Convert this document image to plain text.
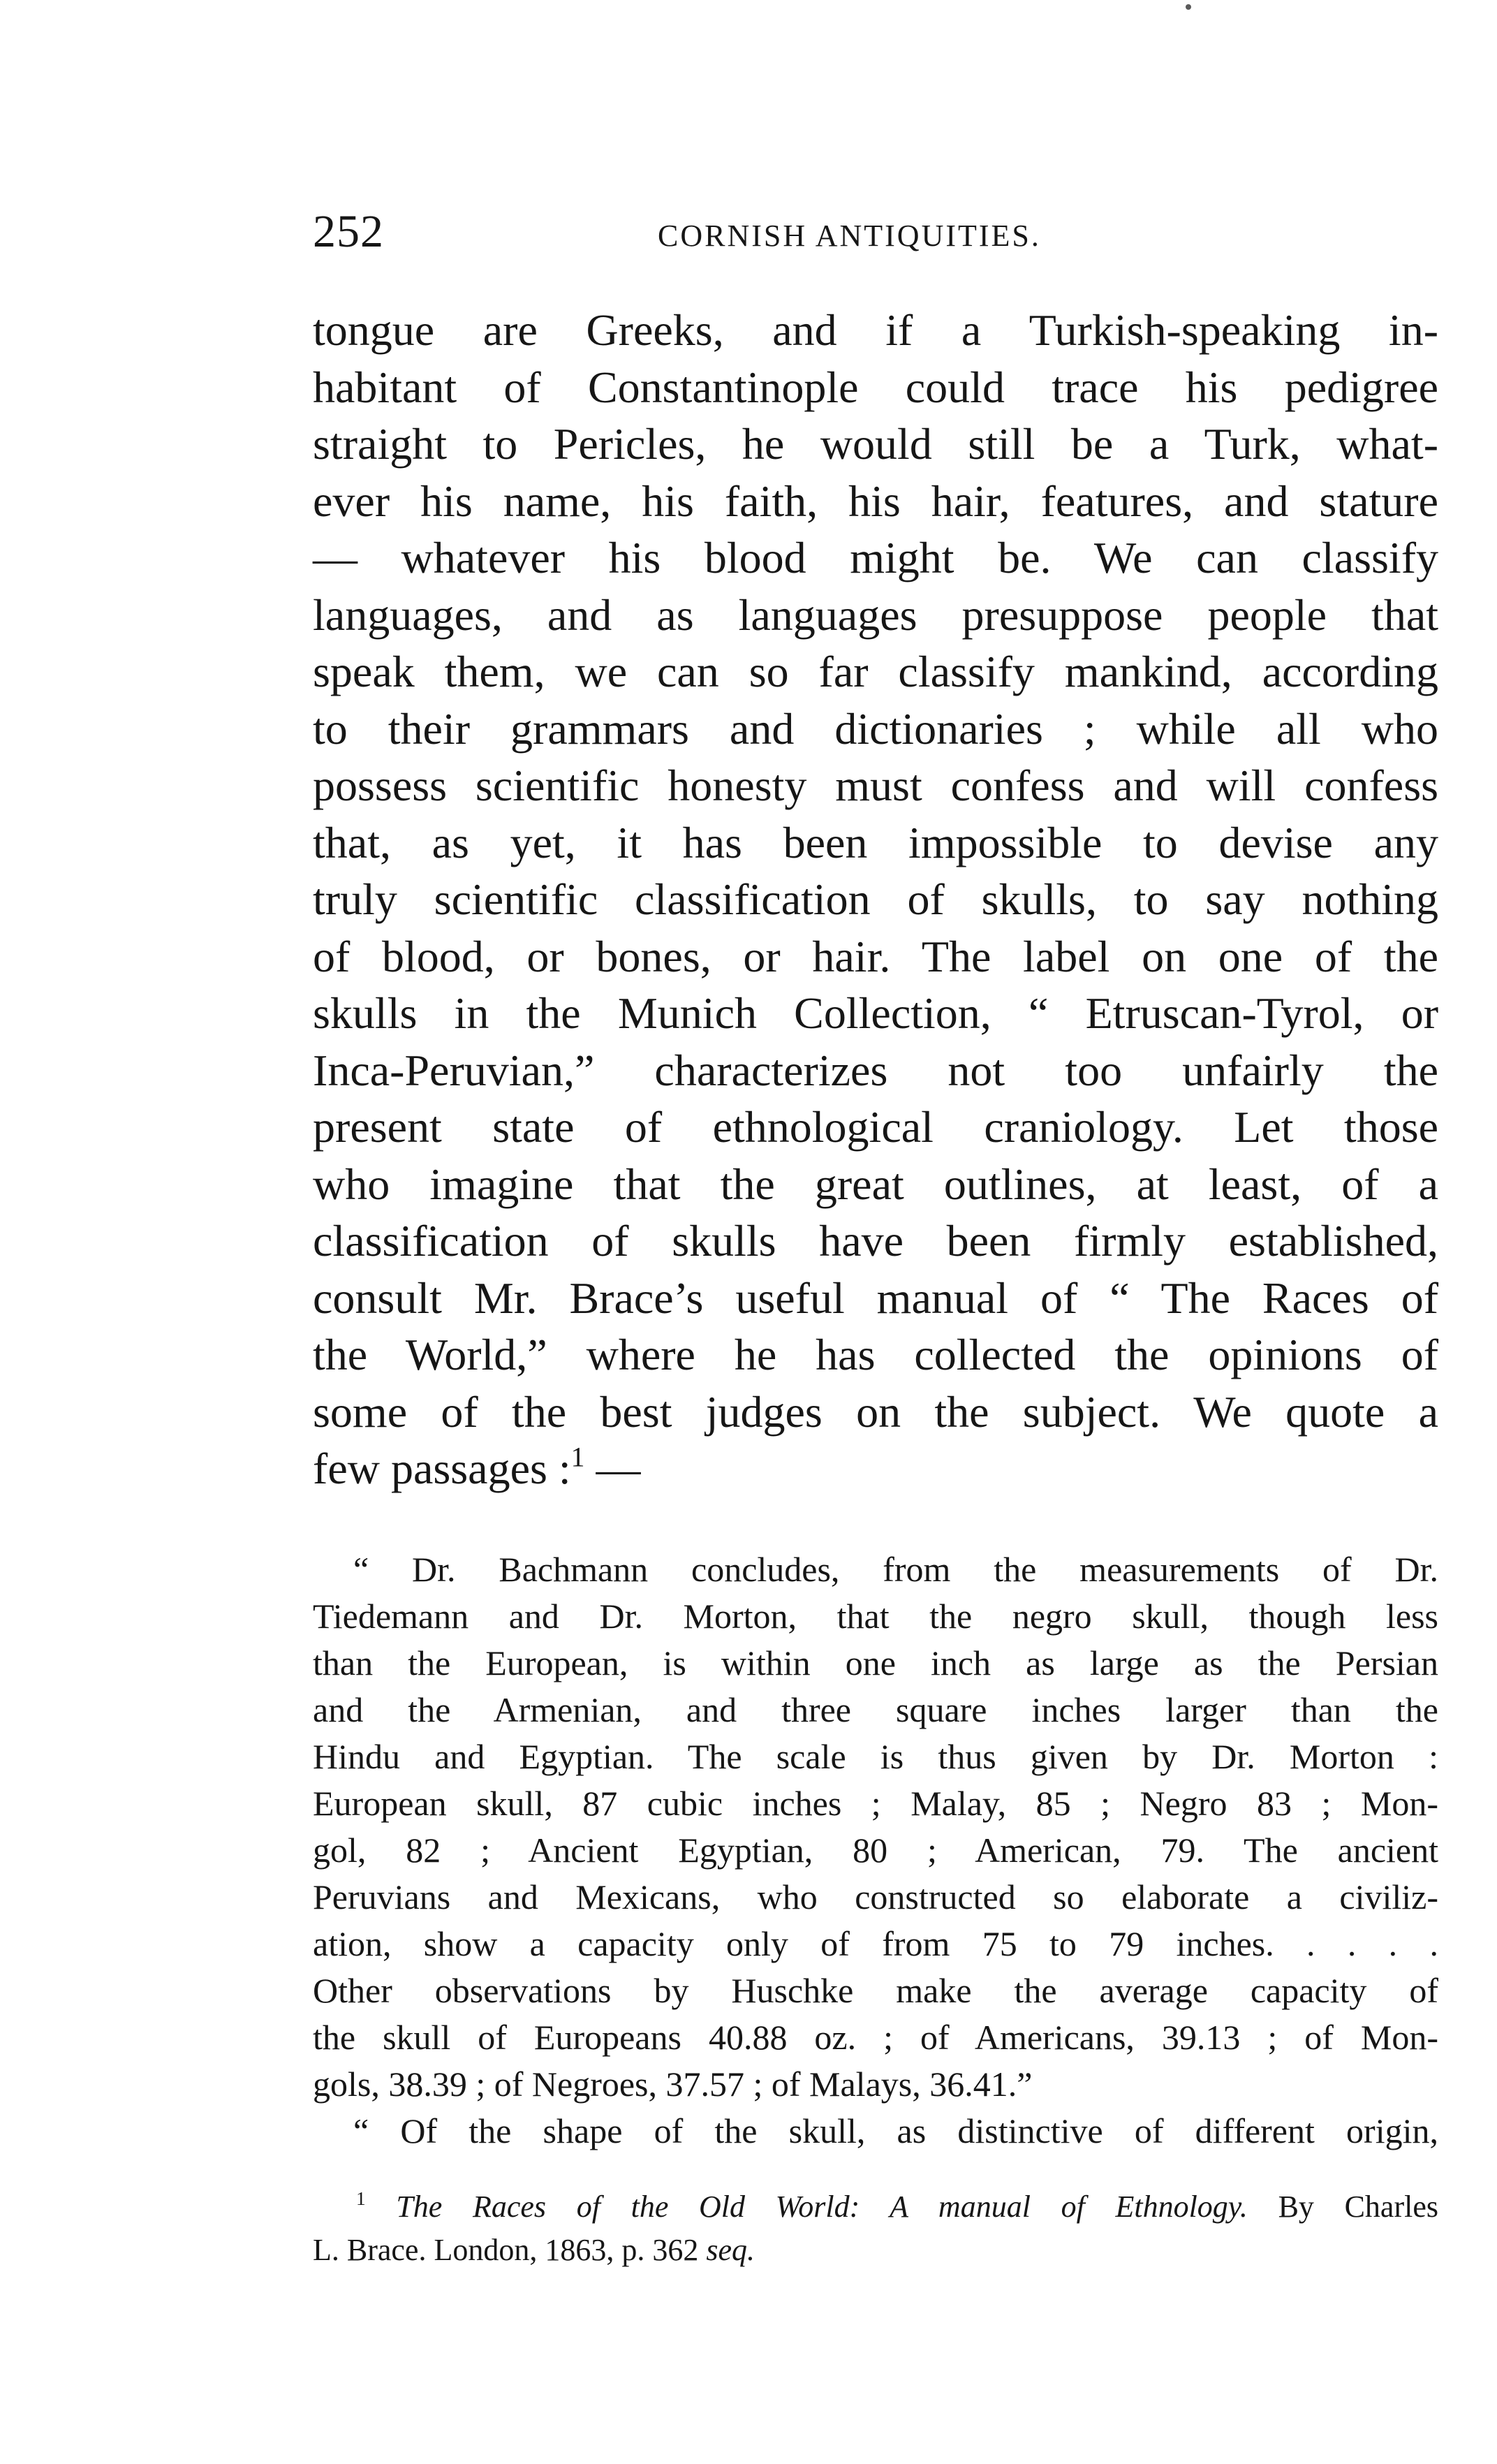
252	CORNISH ANTIQUITIES.
tongue are Greeks, and if a Turkish-speaking in-
habitant of Constantinople could trace his pedigree
straight to Pericles, he would still be a Turk, what-
ever his name, his faith, his hair, features, and stature
— whatever his blood might be. We can classify
languages, and as languages presuppose people that
speak them, we can so far classify mankind, according
to their grammars and dictionaries ; while all who
possess scientific honesty must confess and will confess
that, as yet, it has been impossible to devise any
truly scientific classification of skulls, to say nothing
of blood, or bones, or hair. The label on one of the
skulls in the Munich Collection, “ Etruscan-Tyrol, or
Inca-Peruvian,” characterizes not too unfairly the
present state of ethnological craniology. Let those
who imagine that the great outlines, at least, of a
classification of skulls have been firmly established,
consult Mr. Brace’s useful manual of “ The Races of
the World,” where he has collected the opinions of
some of the best judges on the subject. We quote a
few passages :$^1$ —
“ Dr. Bachmann concludes, from the measurements of Dr.
Tiedemann and Dr. Morton, that the negro skull, though less
than the European, is within one inch as large as the Persian
and the Armenian, and three square inches larger than the
Hindu and Egyptian. The scale is thus given by Dr. Morton :
European skull, 87 cubic inches ; Malay, 85 ; Negro 83 ; Mon-
gol, 82 ; Ancient Egyptian, 80 ; American, 79. The ancient
Peruvians and Mexicans, who constructed so elaborate a civiliz-
ation, show a capacity only of from 75 to 79 inches. . . . .
Other observations by Huschke make the average capacity of
the skull of Europeans 40.88 oz. ; of Americans, 39.13 ; of Mon-
gols, 38.39 ; of Negroes, 37.57 ; of Malays, 36.41.”
“ Of the shape of the skull, as distinctive of different origin,
$^1$ The Races of the Old World: A manual of Ethnology. By Charles
L. Brace. London, 1863, p. 362 seq.
